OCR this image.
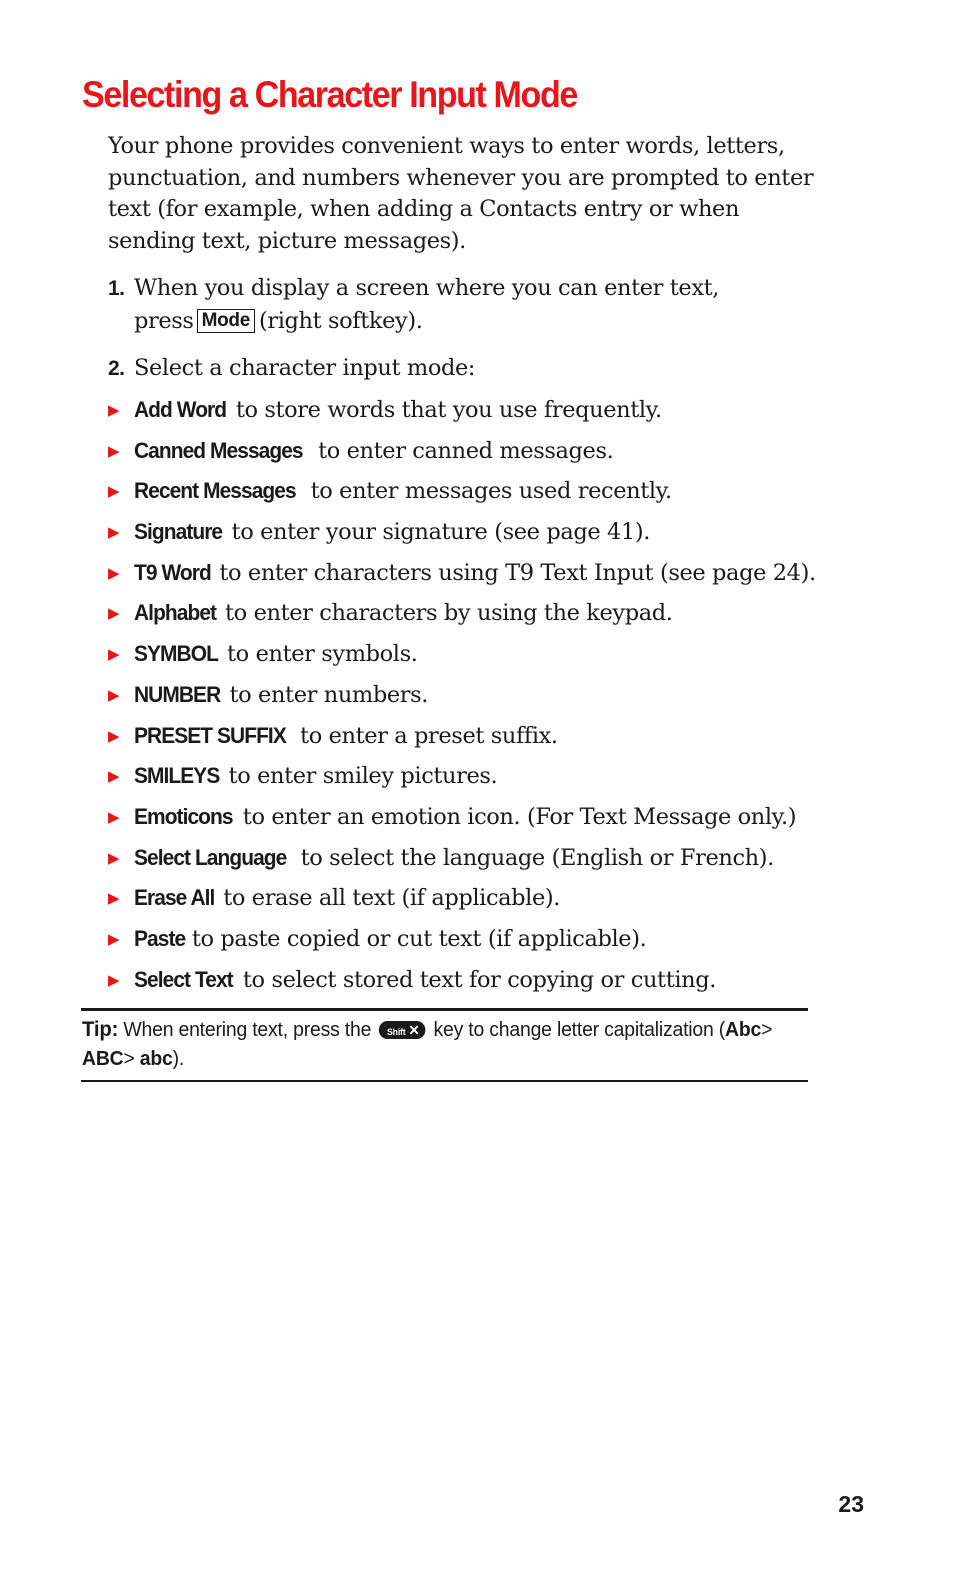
Selecting a Character Input Mode

Your phone provides convenient ways to enter words, letters, punctuation, and numbers whenever you are prompted to enter text (for example, when adding a Contacts entry or when sending text, picture messages).

1. When you display a screen where you can enter text,
press Mode (right softkey).
2. Select a character input mode:
▶ Add Word to store words that you use frequently.
▶ Canned Messages to enter canned messages.
▶ Recent Messages to enter messages used recently.
▶ Signature to enter your signature (see page 41).
▶ T9 Word to enter characters using T9 Text Input (see page 24).
▶ Alphabet to enter characters by using the keypad.
▶ SYMBOL to enter symbols.
▶ NUMBER to enter numbers.
▶ PRESET SUFFIX to enter a preset suffix.
▶ SMILEYS to enter smiley pictures.
▶ Emoticons to enter an emotion icon. (For Text Message only.)
▶ Select Language to select the language (English or French).
▶ Erase All to erase all text (if applicable).
▶ Paste to paste copied or cut text (if applicable).
▶ Select Text to select stored text for copying or cutting.

Tip: When entering text, press the Shift ✕ key to change letter capitalization (Abc> ABC> abc).

23
